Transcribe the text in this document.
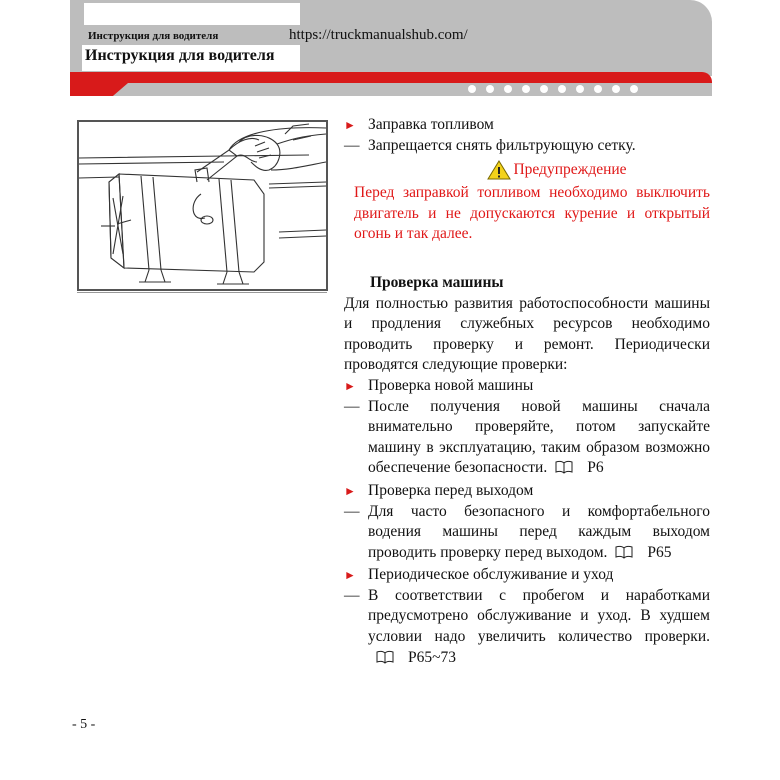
Инструкция для водителя	https://truckmanualshub.com/
Инструкция для водителя
► Заправка топливом
— Запрещается снять фильтрующую сетку.
Предупреждение
Перед заправкой топливом необходимо выключить двигатель и не допускаются курение и открытый огонь и так далее.
Проверка машины
Для полностью развития работоспособности машины и продления служебных ресурсов необходимо проводить проверку и ремонт. Периодически проводятся следующие проверки:
► Проверка новой машины
— После получения новой машины сначала внимательно проверяйте, потом запускайте машину в эксплуатацию, таким образом возможно обеспечение безопасности.	P6
► Проверка перед выходом
— Для часто безопасного и комфортабельного водения машины перед каждым выходом проводить проверку перед выходом.	P65
► Периодическое обслуживание и уход
— В соответствии с пробегом и наработками предусмотрено обслуживание и уход. В худшем условии надо увеличить количество проверки.P65~73
- 5 -
